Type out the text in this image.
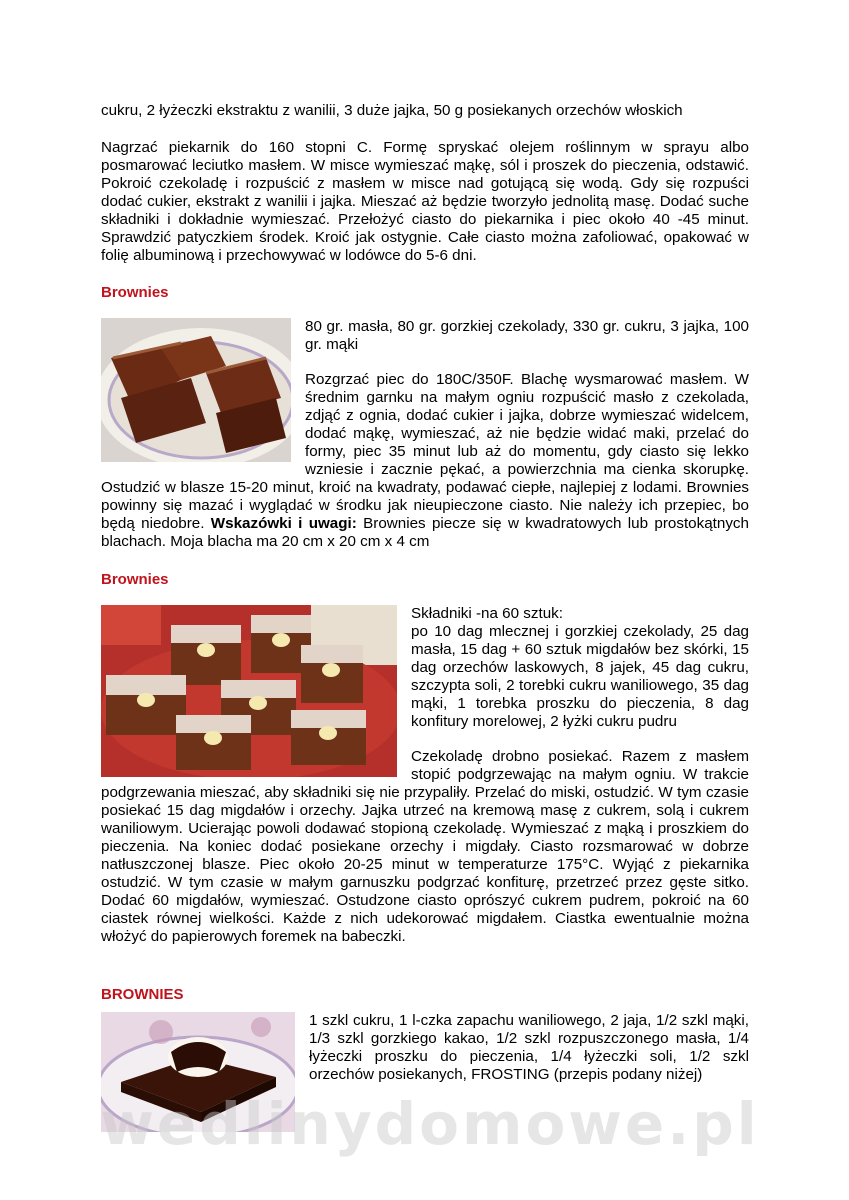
cukru, 2 łyżeczki ekstraktu z wanilii, 3 duże jajka, 50 g posiekanych orzechów włoskich

Nagrzać piekarnik do 160 stopni C. Formę spryskać olejem roślinnym w sprayu albo posmarować leciutko masłem. W misce wymieszać mąkę, sól i proszek do pieczenia, odstawić. Pokroić czekoladę i rozpuścić z masłem w misce nad gotującą się wodą. Gdy się rozpuści dodać cukier, ekstrakt z wanilii i jajka. Mieszać aż będzie tworzyło jednolitą masę. Dodać suche składniki i dokładnie wymieszać. Przełożyć ciasto do piekarnika i piec około 40 -45 minut. Sprawdzić patyczkiem środek. Kroić jak ostygnie. Całe ciasto można zafoliować, opakować w folię albuminową i przechowywać w lodówce do 5-6 dni.

Brownies

80 gr. masła, 80 gr. gorzkiej czekolady, 330 gr. cukru, 3 jajka, 100 gr. mąki

Rozgrzać piec do 180C/350F. Blachę wysmarować masłem. W średnim garnku na małym ogniu rozpuścić masło z czekolada, zdjąć z ognia, dodać cukier i jajka, dobrze wymieszać widelcem, dodać mąkę, wymieszać, aż nie będzie widać maki, przelać do formy, piec 35 minut lub aż do momentu, gdy ciasto się lekko wzniesie i zacznie pękać, a powierzchnia ma cienka skorupkę. Ostudzić w blasze 15-20 minut, kroić na kwadraty, podawać ciepłe, najlepiej z lodami. Brownies powinny się mazać i wyglądać w środku jak nieupieczone ciasto. Nie należy ich przepiec, bo będą niedobre. Wskazówki i uwagi: Brownies piecze się w kwadratowych lub prostokątnych blachach. Moja blacha ma 20 cm x 20 cm x 4 cm

Brownies

Składniki -na 60 sztuk:

po 10 dag mlecznej i gorzkiej czekolady, 25 dag masła, 15 dag + 60 sztuk migdałów bez skórki, 15 dag orzechów laskowych, 8 jajek, 45 dag cukru, szczypta soli, 2 torebki cukru waniliowego, 35 dag mąki, 1 torebka proszku do pieczenia, 8 dag konfitury morelowej, 2 łyżki cukru pudru

Czekoladę drobno posiekać. Razem z masłem stopić podgrzewając na małym ogniu. W trakcie podgrzewania mieszać, aby składniki się nie przypaliły. Przelać do miski, ostudzić. W tym czasie posiekać 15 dag migdałów i orzechy. Jajka utrzeć na kremową masę z cukrem, solą i cukrem waniliowym. Ucierając powoli dodawać stopioną czekoladę. Wymieszać z mąką i proszkiem do pieczenia. Na koniec dodać posiekane orzechy i migdały. Ciasto rozsmarować w dobrze natłuszczonej blasze. Piec około 20-25 minut w temperaturze 175°C. Wyjąć z piekarnika ostudzić. W tym czasie w małym garnuszku podgrzać konfiturę, przetrzeć przez gęste sitko. Dodać 60 migdałów, wymieszać. Ostudzone ciasto oprószyć cukrem pudrem, pokroić na 60 ciastek równej wielkości. Każde z nich udekorować migdałem. Ciastka ewentualnie można włożyć do papierowych foremek na babeczki.

BROWNIES

1 szkl cukru, 1 l-czka zapachu waniliowego, 2 jaja, 1/2 szkl mąki, 1/3 szkl gorzkiego kakao, 1/2 szkl rozpuszczonego masła, 1/4 łyżeczki proszku do pieczenia, 1/4 łyżeczki soli, 1/2 szkl orzechów posiekanych, FROSTING (przepis podany niżej)

wedlinydomowe.pl
